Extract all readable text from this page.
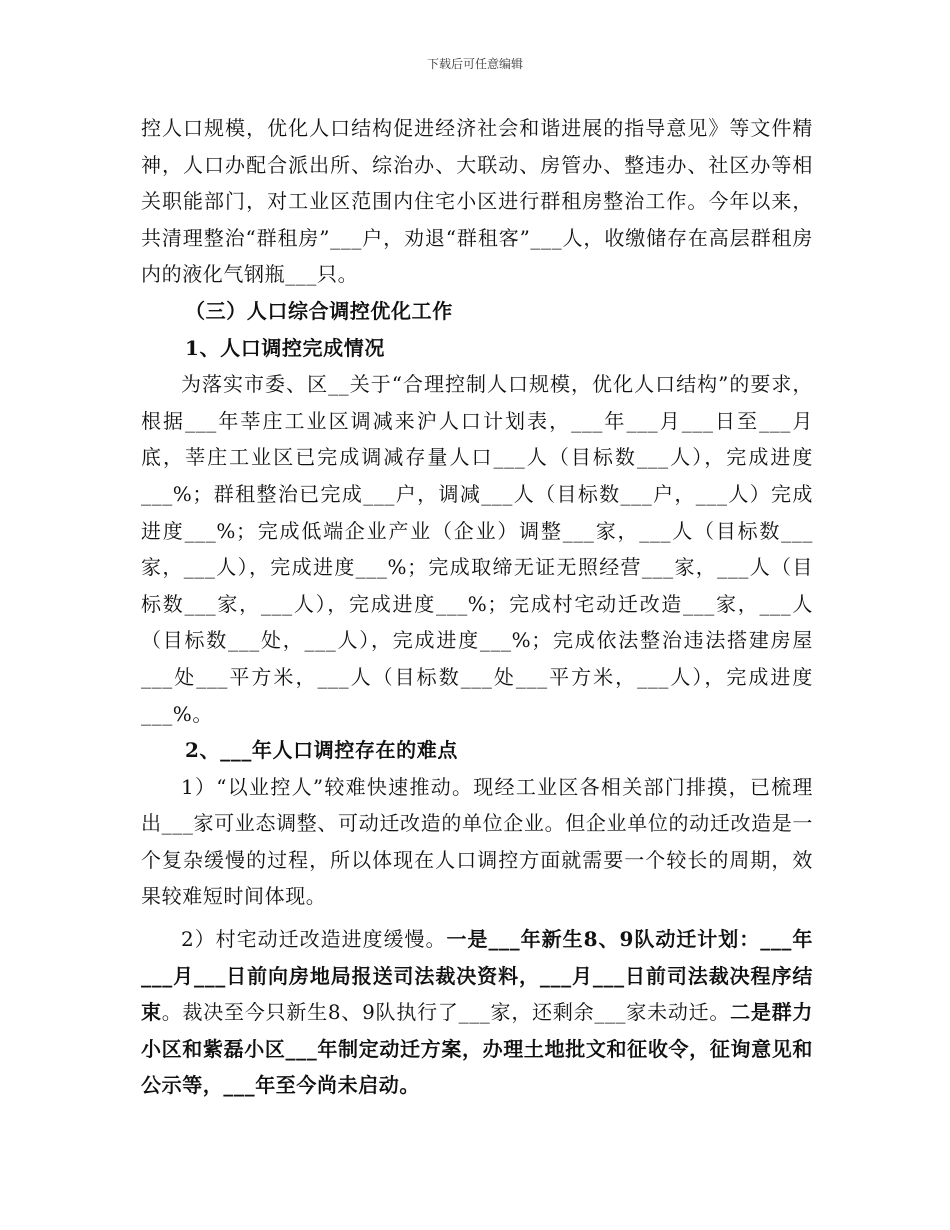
下载后可任意编辑

控人口规模，优化人口结构促进经济社会和谐进展的指导意见》等文件精神，人口办配合派出所、综治办、大联动、房管办、整违办、社区办等相关职能部门，对工业区范围内住宅小区进行群租房整治工作。今年以来，共清理整治“群租房”___户，劝退“群租客”___人，收缴储存在高层群租房内的液化气钢瓶___只。

（三）人口综合调控优化工作

1、人口调控完成情况

为落实市委、区__关于“合理控制人口规模，优化人口结构”的要求，根据___年莘庄工业区调减来沪人口计划表，___年___月___日至___月底，莘庄工业区已完成调减存量人口___人（目标数___人），完成进度___%；群租整治已完成___户，调减___人（目标数___户，___人）完成进度___%；完成低端企业产业（企业）调整___家，___人（目标数___家，___人），完成进度___%；完成取缔无证无照经营___家，___人（目标数___家，___人），完成进度___%；完成村宅动迁改造___家，___人（目标数___处，___人），完成进度___%；完成依法整治违法搭建房屋___处___平方米，___人（目标数___处___平方米，___人），完成进度___%。

2、___年人口调控存在的难点

1）“以业控人”较难快速推动。现经工业区各相关部门排摸，已梳理出___家可业态调整、可动迁改造的单位企业。但企业单位的动迁改造是一个复杂缓慢的过程，所以体现在人口调控方面就需要一个较长的周期，效果较难短时间体现。

2）村宅动迁改造进度缓慢。一是___年新生8、9队动迁计划：___年___月___日前向房地局报送司法裁决资料，___月___日前司法裁决程序结束。裁决至今只新生8、9队执行了___家，还剩余___家未动迁。二是群力小区和紫磊小区___年制定动迁方案，办理土地批文和征收令，征询意见和公示等，___年至今尚未启动。
